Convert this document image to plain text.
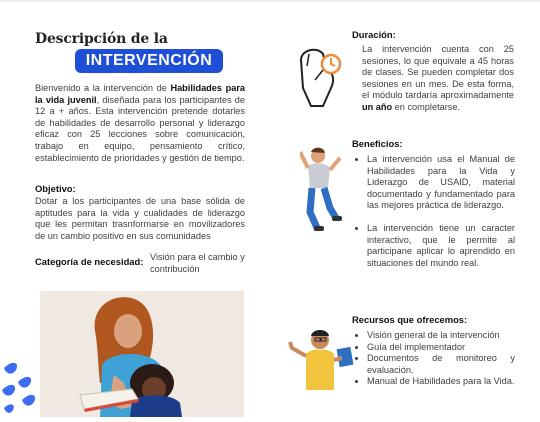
Descripción de la
INTERVENCIÓN
Bienvenido a la intervención de Habilidades para la vida juvenil, diseñada para los participantes de 12 a + años. Esta intervención pretende dotarles de habilidades de desarrollo personal y liderazgo eficaz con 25 lecciones sobre comunicación, trabajo en equipo, pensamiento crítico, establecimiento de prioridades y gestión de tiempo.
Objetivo:
Dotar a los participantes de una base sólida de aptitudes para la vida y cualidades de liderazgo que les permitan trasnformarse en movilizadores de un cambio positivo en sus comunidades
Categoría de necesidad: Visión para el cambio y contribución
Duración:
La intervención cuenta con 25 sesiones, lo que equivale a 45 horas de clases. Se pueden completar dos sesiones en un mes. De esta forma, el módulo tardaría aproximadamente un año en completarse.
Beneficios:
• La intervención usa el Manual de Habilidades para la Vida y Liderazgo de USAID, material documentado y fundamentado para las mejores práctica de liderazgo.
• La intervención tiene un caracter interactivo, que le permite al participane aplicar lo aprendido en situaciones del mundo real.
Recursos que ofrecemos:
• Visión general de la intervención
• Guía del implementador
• Documentos de monitoreo y evaluación.
• Manual de Habilidades para la Vida.
